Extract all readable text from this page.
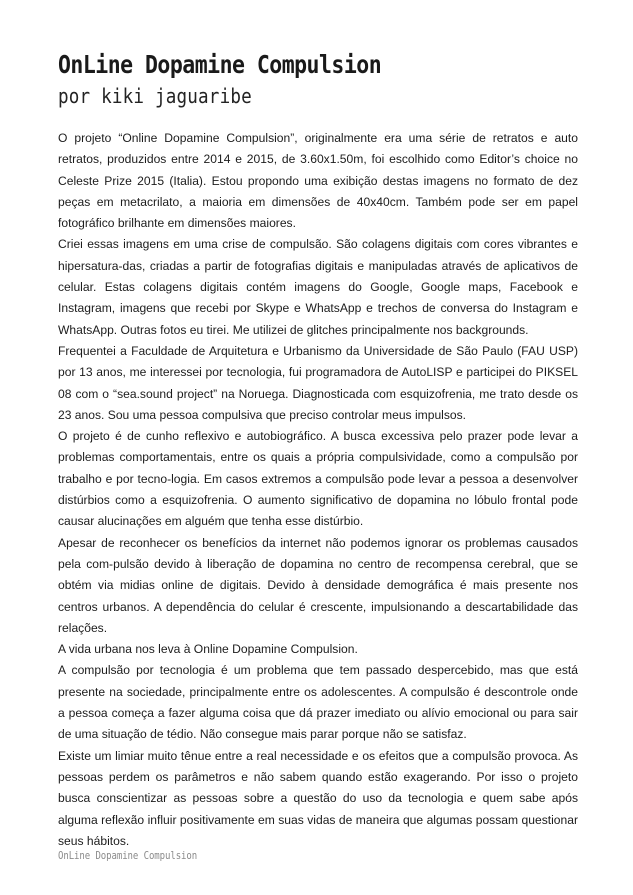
OnLine Dopamine Compulsion
por kiki jaguaribe

O projeto “Online Dopamine Compulsion”, originalmente era uma série de retratos e auto retratos, produzidos entre 2014 e 2015, de 3.60x1.50m, foi escolhido como Editor’s choice no Celeste Prize 2015 (Italia). Estou propondo uma exibição destas imagens no formato de dez peças em metacrilato, a maioria em dimensões de 40x40cm. Também pode ser em papel fotográfico brilhante em dimensões maiores.

Criei essas imagens em uma crise de compulsão. São colagens digitais com cores vibrantes e hipersatura-das, criadas a partir de fotografias digitais e manipuladas através de aplicativos de celular. Estas colagens digitais contém imagens do Google, Google maps, Facebook e Instagram, imagens que recebi por Skype e WhatsApp e trechos de conversa do Instagram e WhatsApp. Outras fotos eu tirei. Me utilizei de glitches principalmente nos backgrounds.

Frequentei a Faculdade de Arquitetura e Urbanismo da Universidade de São Paulo (FAU USP) por 13 anos, me interessei por tecnologia, fui programadora de AutoLISP e participei do PIKSEL 08 com o “sea.sound project” na Noruega. Diagnosticada com esquizofrenia, me trato desde os 23 anos. Sou uma pessoa compulsiva que preciso controlar meus impulsos.

O projeto é de cunho reflexivo e autobiográfico. A busca excessiva pelo prazer pode levar a problemas comportamentais, entre os quais a própria compulsividade, como a compulsão por trabalho e por tecno-logia. Em casos extremos a compulsão pode levar a pessoa a desenvolver distúrbios como a esquizofrenia. O aumento significativo de dopamina no lóbulo frontal pode causar alucinações em alguém que tenha esse distúrbio.

Apesar de reconhecer os benefícios da internet não podemos ignorar os problemas causados pela com-pulsão devido à liberação de dopamina no centro de recompensa cerebral, que se obtém via midias online de digitais. Devido à densidade demográfica é mais presente nos centros urbanos. A dependência do celular é crescente, impulsionando a descartabilidade das relações.

A vida urbana nos leva à Online Dopamine Compulsion.

A compulsão por tecnologia é um problema que tem passado despercebido, mas que está presente na sociedade, principalmente entre os adolescentes. A compulsão é descontrole onde a pessoa começa a fazer alguma coisa que dá prazer imediato ou alívio emocional ou para sair de uma situação de tédio. Não consegue mais parar porque não se satisfaz.

Existe um limiar muito tênue entre a real necessidade e os efeitos que a compulsão provoca. As pessoas perdem os parâmetros e não sabem quando estão exagerando. Por isso o projeto busca conscientizar as pessoas sobre a questão do uso da tecnologia e quem sabe após alguma reflexão influir positivamente em suas vidas de maneira que algumas possam questionar seus hábitos.

OnLine Dopamine Compulsion
